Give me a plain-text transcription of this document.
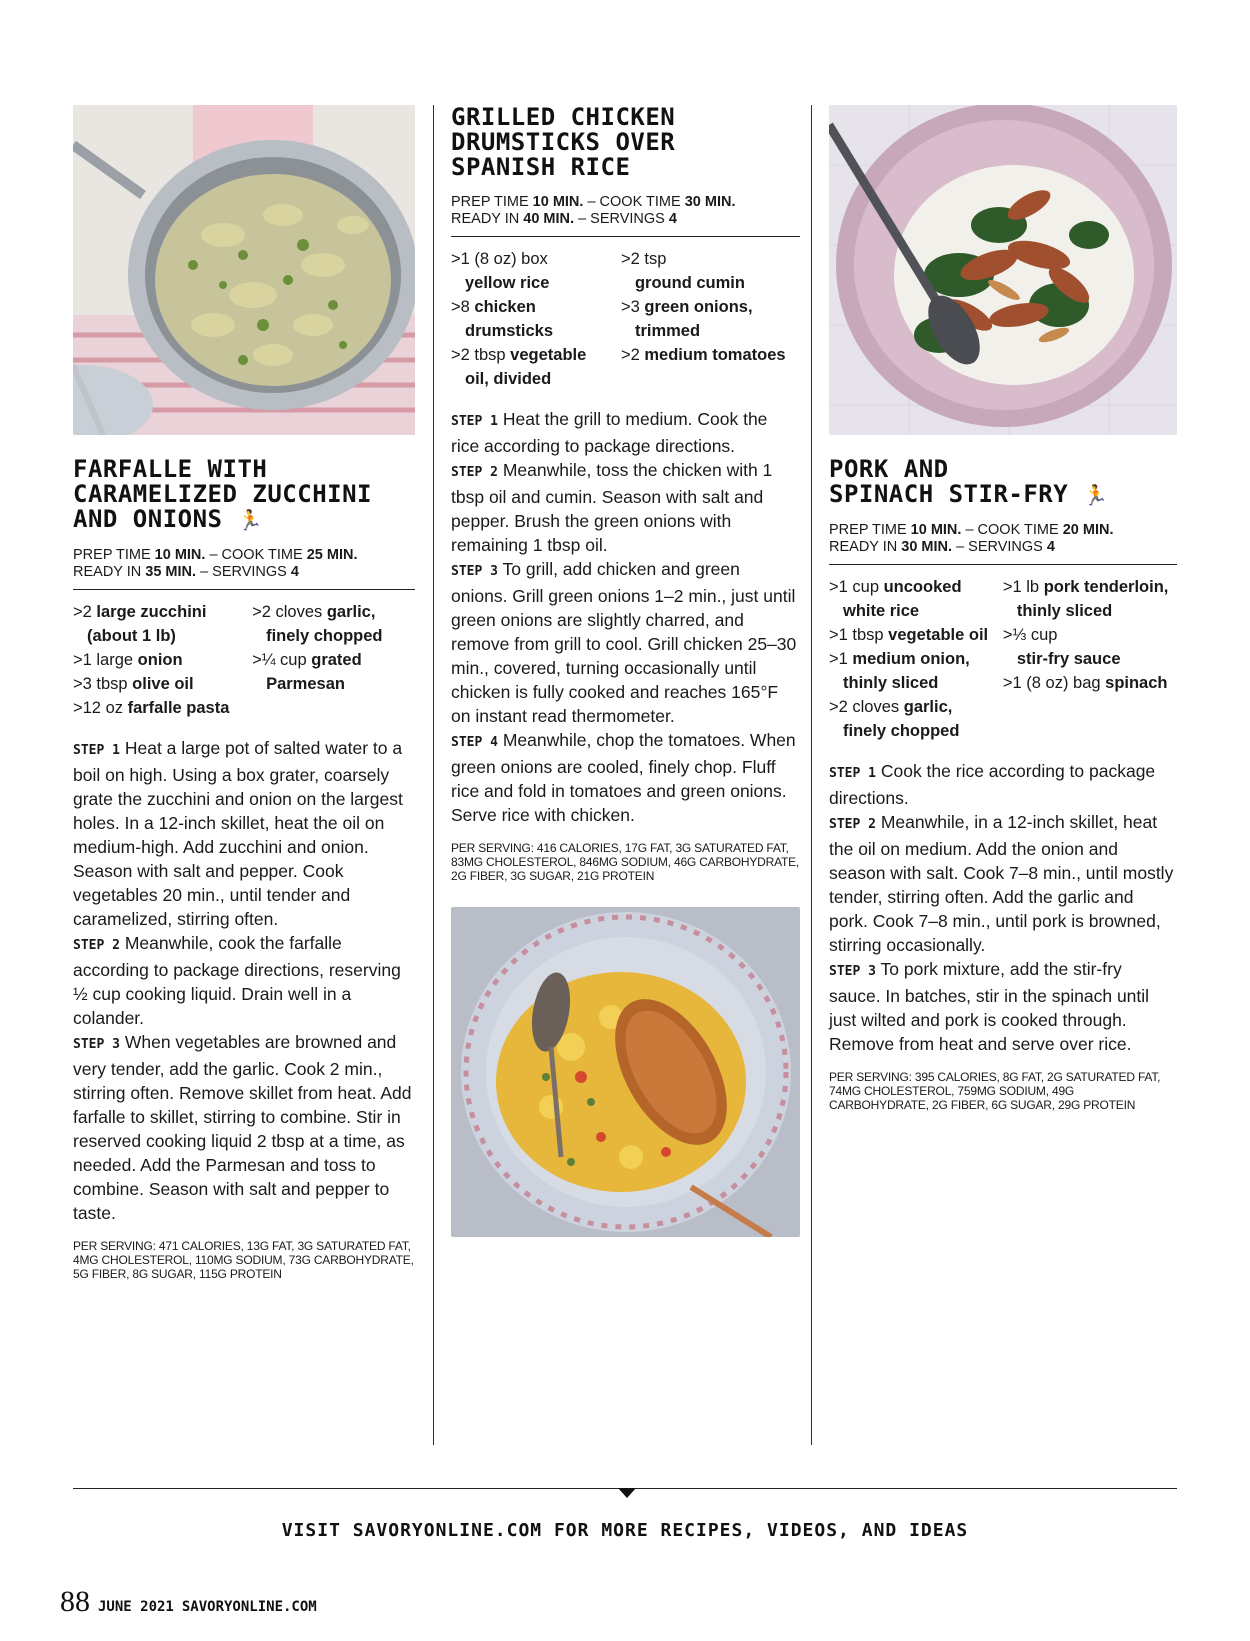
FARFALLE WITH
CARAMELIZED ZUCCHINI
AND ONIONS 🏃
PREP TIME 10 MIN. – COOK TIME 25 MIN.
READY IN 35 MIN. – SERVINGS 4
>2 large zucchini
(about 1 lb)
>1 large onion
>3 tbsp olive oil
>12 oz farfalle pasta
>2 cloves garlic,
finely chopped
>¼ cup grated
Parmesan

STEP 1 Heat a large pot of salted water to a boil on high. Using a box grater, coarsely grate the zucchini and onion on the largest holes. In a 12-inch skillet, heat the oil on medium-high. Add zucchini and onion. Season with salt and pepper. Cook vegetables 20 min., until tender and caramelized, stirring often.

STEP 2 Meanwhile, cook the farfalle according to package directions, reserving ½ cup cooking liquid. Drain well in a colander.

STEP 3 When vegetables are browned and very tender, add the garlic. Cook 2 min., stirring often. Remove skillet from heat. Add farfalle to skillet, stirring to combine. Stir in reserved cooking liquid 2 tbsp at a time, as needed. Add the Parmesan and toss to combine. Season with salt and pepper to taste.

PER SERVING: 471 CALORIES, 13G FAT, 3G SATURATED FAT, 4MG CHOLESTEROL, 110MG SODIUM, 73G CARBOHYDRATE, 5G FIBER, 8G SUGAR, 115G PROTEIN
GRILLED CHICKEN
DRUMSTICKS OVER
SPANISH RICE
PREP TIME 10 MIN. – COOK TIME 30 MIN.
READY IN 40 MIN. – SERVINGS 4
>1 (8 oz) box
yellow rice
>8 chicken
drumsticks
>2 tbsp vegetable
oil, divided
>2 tsp
ground cumin
>3 green onions,
trimmed
>2 medium tomatoes

STEP 1 Heat the grill to medium. Cook the rice according to package directions.

STEP 2 Meanwhile, toss the chicken with 1 tbsp oil and cumin. Season with salt and pepper. Brush the green onions with remaining 1 tbsp oil.

STEP 3 To grill, add chicken and green onions. Grill green onions 1–2 min., just until green onions are slightly charred, and remove from grill to cool. Grill chicken 25–30 min., covered, turning occasionally until chicken is fully cooked and reaches 165°F on instant read thermometer.

STEP 4 Meanwhile, chop the tomatoes. When green onions are cooled, finely chop. Fluff rice and fold in tomatoes and green onions. Serve rice with chicken.

PER SERVING: 416 CALORIES, 17G FAT, 3G SATURATED FAT, 83MG CHOLESTEROL, 846MG SODIUM, 46G CARBOHYDRATE, 2G FIBER, 3G SUGAR, 21G PROTEIN
PORK AND
SPINACH STIR-FRY 🏃
PREP TIME 10 MIN. – COOK TIME 20 MIN.
READY IN 30 MIN. – SERVINGS 4
>1 cup uncooked
white rice
>1 tbsp vegetable oil
>1 medium onion,
thinly sliced
>2 cloves garlic,
finely chopped
>1 lb pork tenderloin,
thinly sliced
>⅓ cup
stir-fry sauce
>1 (8 oz) bag spinach

STEP 1 Cook the rice according to package directions.

STEP 2 Meanwhile, in a 12-inch skillet, heat the oil on medium. Add the onion and season with salt. Cook 7–8 min., until mostly tender, stirring often. Add the garlic and pork. Cook 7–8 min., until pork is browned, stirring occasionally.

STEP 3 To pork mixture, add the stir-fry sauce. In batches, stir in the spinach until just wilted and pork is cooked through. Remove from heat and serve over rice.

PER SERVING: 395 CALORIES, 8G FAT, 2G SATURATED FAT, 74MG CHOLESTEROL, 759MG SODIUM, 49G CARBOHYDRATE, 2G FIBER, 6G SUGAR, 29G PROTEIN
VISIT SAVORYONLINE.COM FOR MORE RECIPES, VIDEOS, AND IDEAS
88 JUNE 2021 SAVORYONLINE.COM
